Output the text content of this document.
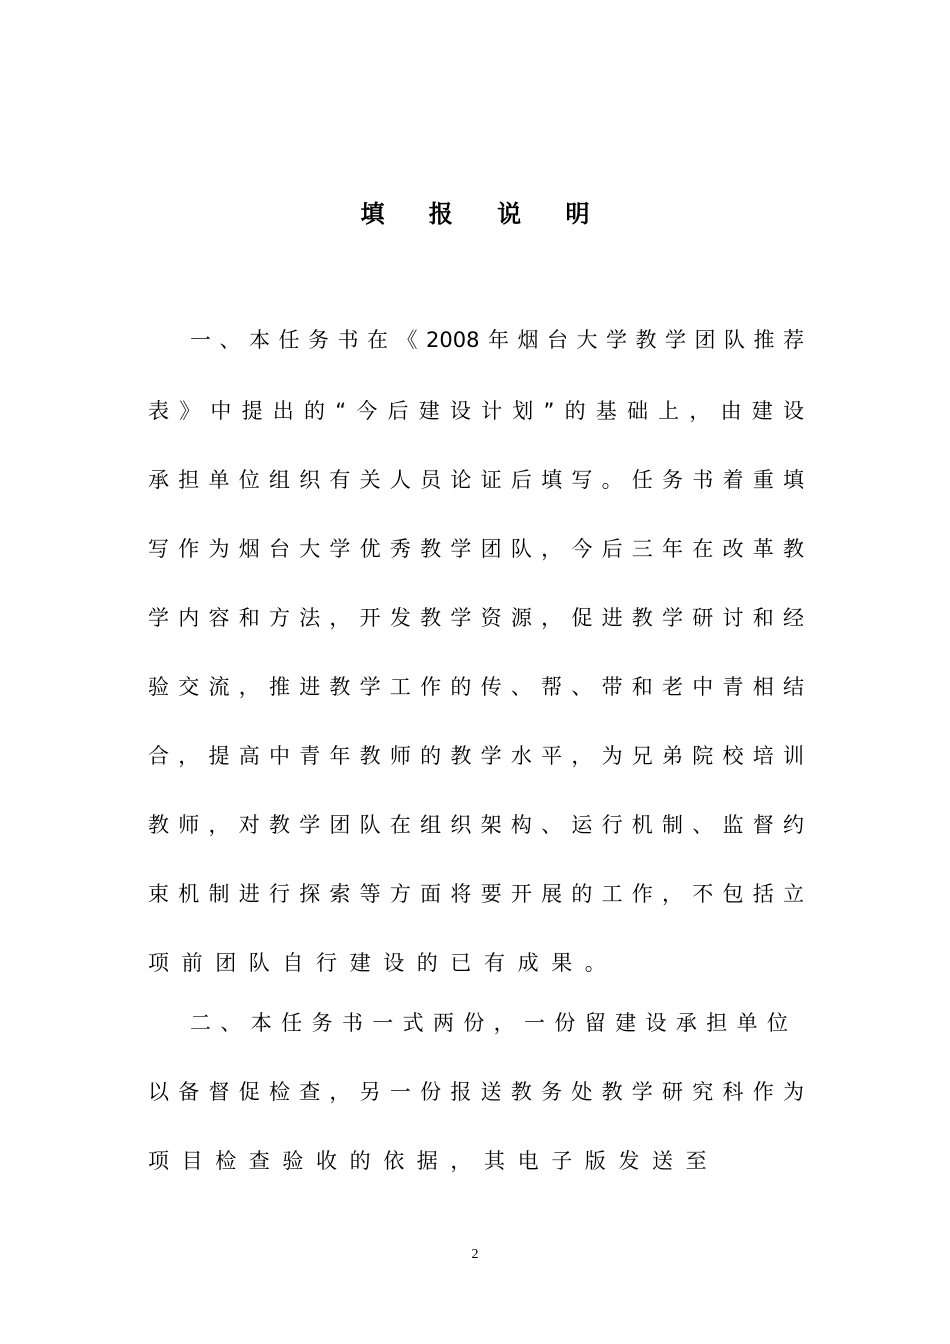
填 报 说 明
一、本任务书在《2008年烟台大学教学团队推荐
表》中提出的“今后建设计划”的基础上，由建设
承担单位组织有关人员论证后填写。任务书着重填
写作为烟台大学优秀教学团队，今后三年在改革教
学内容和方法，开发教学资源，促进教学研讨和经
验交流，推进教学工作的传、帮、带和老中青相结
合，提高中青年教师的教学水平，为兄弟院校培训
教师，对教学团队在组织架构、运行机制、监督约
束机制进行探索等方面将要开展的工作，不包括立
项前团队自行建设的已有成果。
二、本任务书一式两份，一份留建设承担单位
以备督促检查，另一份报送教务处教学研究科作为
项目检查验收的依据，其电子版发送至
2
